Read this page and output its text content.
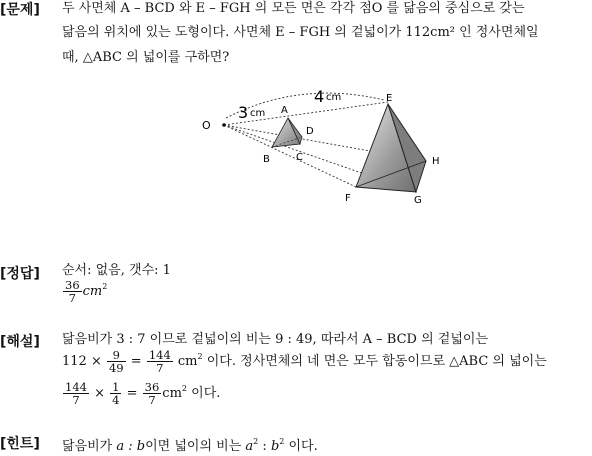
[문제] 두 사면체 A – BCD 와 E – FGH 의 모든 면은 각각 점O 를 닮음의 중심으로 갖는
닮음의 위치에 있는 도형이다. 사면체 E – FGH 의 겉넓이가 112cm² 인 정사면체일
때, △ABC 의 넓이를 구하면?
O
A
B	C
D
E
F	G
H
3 cm
4 cm
[정답] 순서: 없음, 갯수: 1
$\frac{36}{7} cm^2$
[해설] 닮음비가 3 : 7 이므로 겉넓이의 비는 9 : 49, 따라서 A – BCD 의 겉넓이는
$112 \times \frac{9}{49} = \frac{144}{7} cm^2$ 이다. 정사면체의 네 면은 모두 합동이므로 △ABC 의 넓이는
$\frac{144}{7} \times \frac{1}{4} = \frac{36}{7} cm^2$ 이다.
[힌트] 닮음비가 a : b이면 넓이의 비는 $a^2$ : $b^2$ 이다.
